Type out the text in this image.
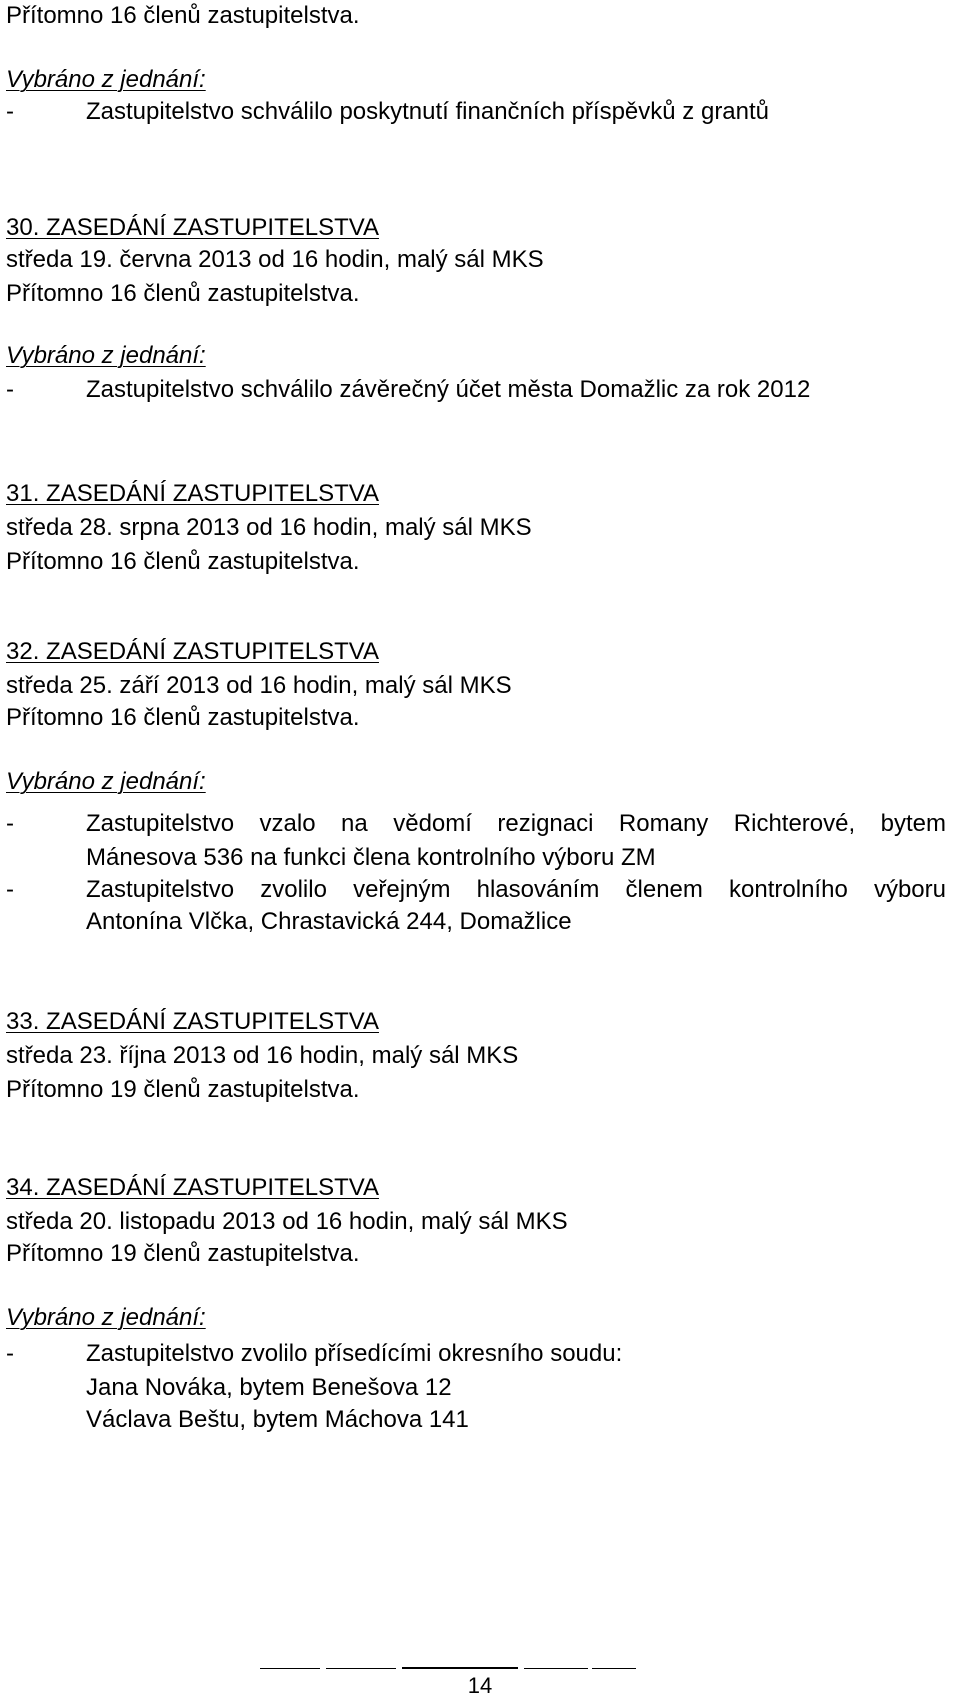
Přítomno 16 členů zastupitelstva.
Vybráno z jednání:
-	Zastupitelstvo schválilo poskytnutí finančních příspěvků z grantů
30. ZASEDÁNÍ ZASTUPITELSTVA
středa 19. června 2013 od 16 hodin, malý sál MKS
Přítomno 16 členů zastupitelstva.
Vybráno z jednání:
-	Zastupitelstvo schválilo závěrečný účet města Domažlic za rok 2012
31. ZASEDÁNÍ ZASTUPITELSTVA
středa 28. srpna 2013 od 16 hodin, malý sál MKS
Přítomno 16 členů zastupitelstva.
32. ZASEDÁNÍ ZASTUPITELSTVA
středa 25. září 2013 od 16 hodin, malý sál MKS
Přítomno 16 členů zastupitelstva.
Vybráno z jednání:
-	Zastupitelstvo vzalo na vědomí rezignaci Romany Richterové, bytem
Mánesova 536 na funkci člena kontrolního výboru ZM
-	Zastupitelstvo zvolilo veřejným hlasováním členem kontrolního výboru
Antonína Vlčka, Chrastavická 244, Domažlice
33. ZASEDÁNÍ ZASTUPITELSTVA
středa 23. října 2013 od 16 hodin, malý sál MKS
Přítomno 19 členů zastupitelstva.
34. ZASEDÁNÍ ZASTUPITELSTVA
středa 20. listopadu 2013 od 16 hodin, malý sál MKS
Přítomno 19 členů zastupitelstva.
Vybráno z jednání:
-	Zastupitelstvo zvolilo přísedícími okresního soudu:
Jana Nováka, bytem Benešova 12
Václava Beštu, bytem Máchova 141
14
